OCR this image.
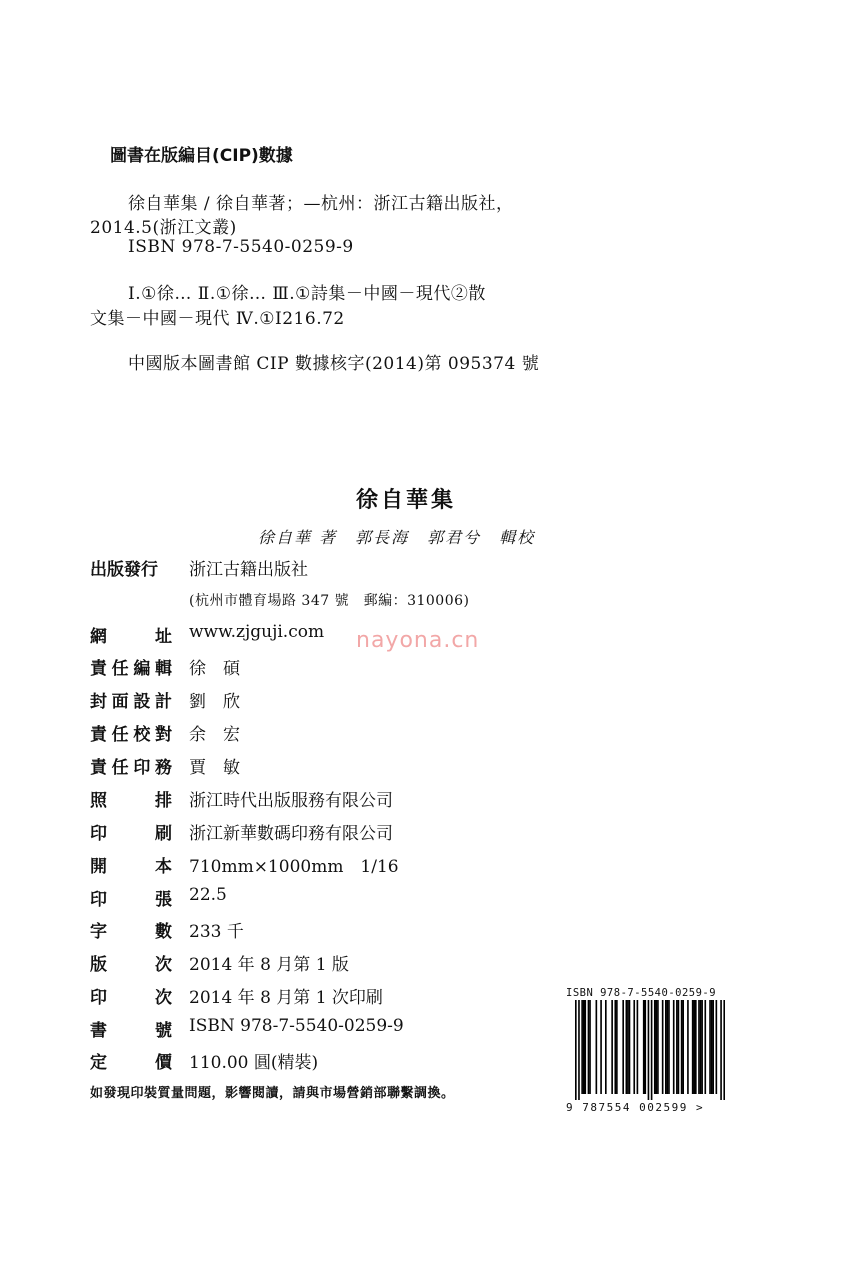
圖書在版編目(CIP)數據
徐自華集 / 徐自華著；—杭州：浙江古籍出版社，
2014.5(浙江文叢)
ISBN 978-7-5540-0259-9
Ⅰ.①徐… Ⅱ.①徐… Ⅲ.①詩集－中國－現代②散
文集－中國－現代 Ⅳ.①I216.72
中國版本圖書館 CIP 數據核字(2014)第 095374 號
徐自華集
徐自華 著　郭長海　郭君兮　輯校
出版發行	浙江古籍出版社
(杭州市體育場路 347 號　郵編：310006)
網	址 www.zjguji.com
責 任 編 輯 徐　碩
封 面 設 計 劉　欣
責 任 校 對 余　宏
責 任 印 務 賈　敏
照	排 浙江時代出版服務有限公司
印	刷 浙江新華數碼印務有限公司
開	本 710mm×1000mm　1/16
印	張 22.5
字	數 233 千
版	次 2014 年 8 月第 1 版
印	次 2014 年 8 月第 1 次印刷
書	號 ISBN 978-7-5540-0259-9
定	價 110.00 圓(精裝)
如發現印裝質量問題，影響閱讀，請與市場營銷部聯繫調換。
nayona.cn
ISBN 978-7-5540-0259-9
9 787554 002599 >
